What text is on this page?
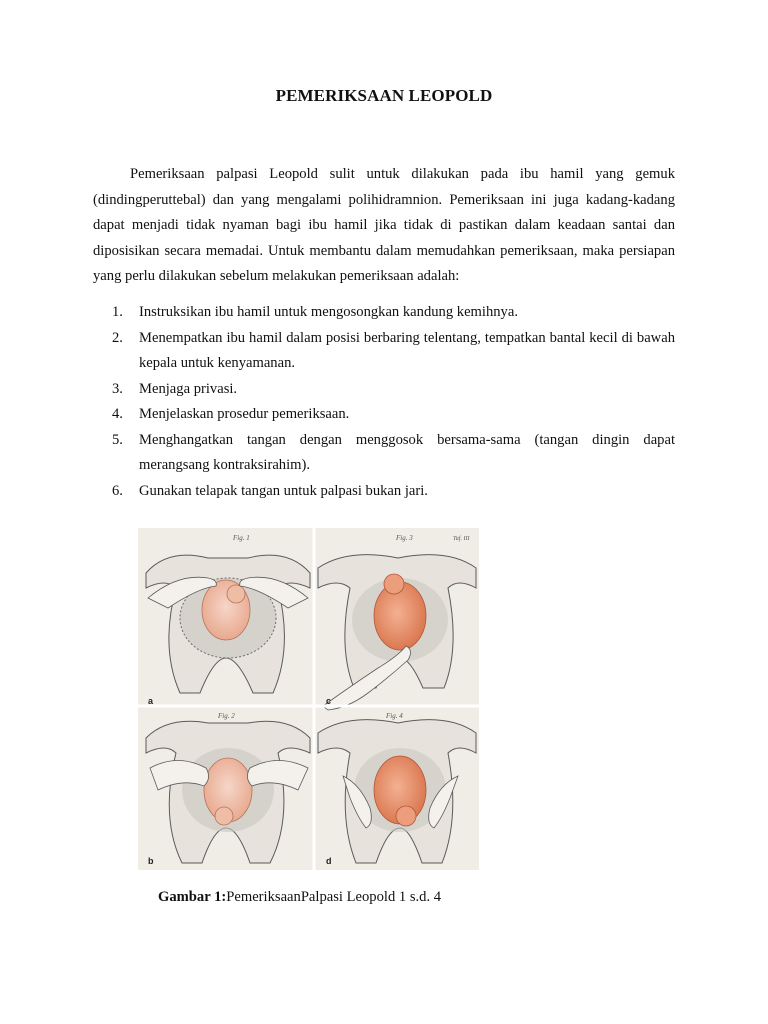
PEMERIKSAAN LEOPOLD

Pemeriksaan palpasi Leopold sulit untuk dilakukan pada ibu hamil yang gemuk (dindingperuttebal) dan yang mengalami polihidramnion. Pemeriksaan ini juga kadang-kadang dapat menjadi tidak nyaman bagi ibu hamil jika tidak di pastikan dalam keadaan santai dan diposisikan secara memadai. Untuk membantu dalam memudahkan pemeriksaan, maka persiapan yang perlu dilakukan sebelum melakukan pemeriksaan adalah:

1. Instruksikan ibu hamil untuk mengosongkan kandung kemihnya.
2. Menempatkan ibu hamil dalam posisi berbaring telentang, tempatkan bantal kecil di bawah kepala untuk kenyamanan.
3. Menjaga privasi.
4. Menjelaskan prosedur pemeriksaan.
5. Menghangatkan tangan dengan menggosok bersama-sama (tangan dingin dapat merangsang kontraksirahim).
6. Gunakan telapak tangan untuk palpasi bukan jari.
Fig. 1
a
Fig. 3	Taf. III
c
Fig. 2
b
Fig. 4
d
Gambar 1:PemeriksaanPalpasi Leopold 1 s.d. 4
